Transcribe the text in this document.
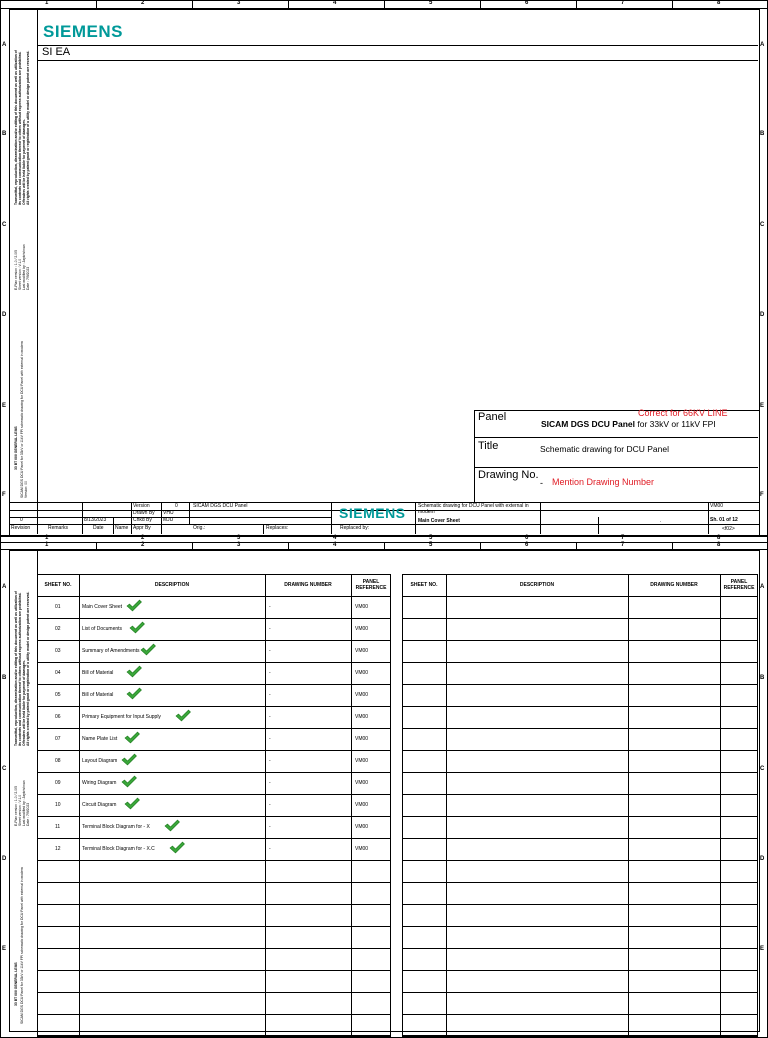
1
1
2
2
3
3
4
4
5
5
6
6
7
7
8
8
A	A
B	B
C	C
D	D
E	E
F	F
Transmittal, reproduction, dissemination and/or editing of this document as well as utilization of its contents and communication thereof to others without express authorization are prohibited. Offenders will be held liable for payment of damages. All rights created by patent grant or registration of a utility model or design patent are reserved.
E-Plan version : 1.0 / 2.0/5 Sheet version : V.1.0 Last modified by : Jaykrishnan Date : 7/9/2023
SICAM DGS DCU Panel for 33kV or 11kV FPI schematic drawing for DCU Panel with external in modem Version: 00
33 BT 000 GENERAL LEMS
SIEMENS
SI EA
Panel	Correct for 66KV LINE
SICAM DGS DCU Panel for 33kV or 11kV FPI
Title	Schematic drawing for DCU Panel
Drawing No.
- Mention Drawing Number
Version	0	SICAM DGS DCU Panel
Drawn By VHU
Chkd By MJU
0	8/13/2023
Revision	Remarks	Date Name Appr By	Orig.:	Replaces:	Replaced by:
SIEMENS Schematic drawing for DCU Panel with external in modem
Main Cover Sheet
VM00
.	Sh. 01 of 12
<f02>
1	2	3	4	5	6	7	8
A	A
B	B
C	C
D	D
E	E
Transmittal, reproduction, dissemination and/or editing of this document as well as utilization of its contents and communication thereof to others without express authorization are prohibited. Offenders will be held liable for payment of damages. All rights created by patent grant or registration of a utility model or design patent are reserved.
E-Plan version : 1.0 / 2.0/5 Sheet version : V.1.0 Last modified by : Jaykrishnan Date : 7/9/2023
SICAM DGS DCU Panel for 33kV or 11kV FPI schematic drawing for DCU Panel with external in modem
33 BT 000 GENERAL LEMS
SHEET NO.	DESCRIPTION	DRAWING NUMBER	PANEL REFERENCE
01	Main Cover Sheet	-	VM00
02	List of Documents	-	VM00
03	Summary of Amendments	-	VM00
04	Bill of Material	-	VM00
05	Bill of Material	-	VM00
06	Primary Equipment for Input Supply	-	VM00
07	Name Plate List	-	VM00
08	Layout Diagram	-	VM00
09	Wiring Diagram	-	VM00
10	Circuit Diagram	-	VM00
11	Terminal Block Diagram for - X	-	VM00
12	Terminal Block Diagram for - X.C	-	VM00
SHEET NO.	DESCRIPTION	DRAWING NUMBER	PANEL REFERENCE
